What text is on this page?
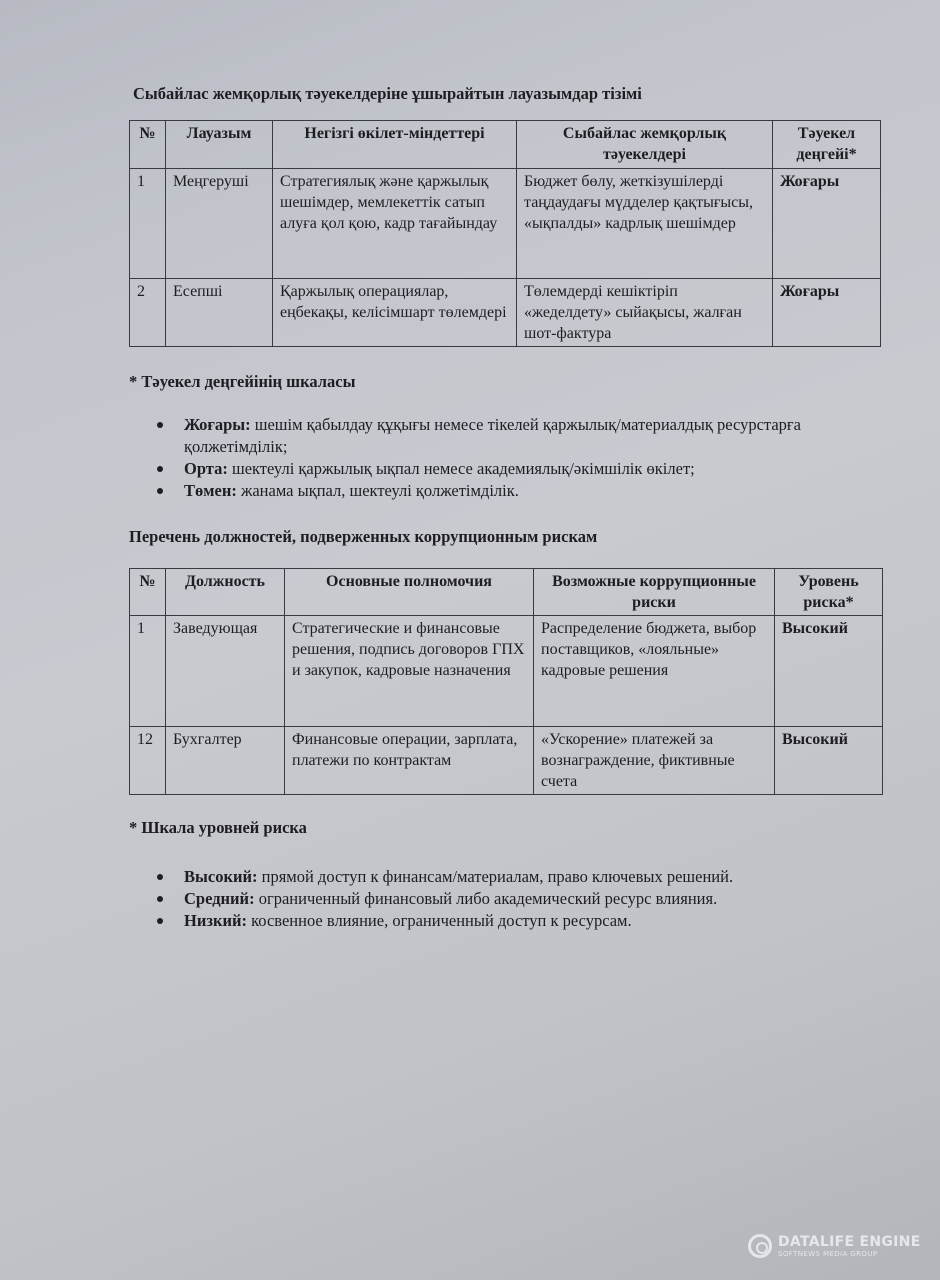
Сыбайлас жемқорлық тәуекелдеріне ұшырайтын лауазымдар тізімі
№	Лауазым	Негізгі өкілет-міндеттері	Сыбайлас жемқорлық тәуекелдері	Тәуекел деңгейі*
1	Меңгеруші	Стратегиялық және қаржылық шешімдер, мемлекеттік сатып алуға қол қою, кадр тағайындау	Бюджет бөлу, жеткізушілерді таңдаудағы мүдделер қақтығысы, «ықпалды» кадрлық шешімдер	Жоғары
2	Есепші	Қаржылық операциялар, еңбекақы, келісімшарт төлемдері	Төлемдерді кешіктіріп «жеделдету» сыйақысы, жалған шот-фактура	Жоғары
* Тәуекел деңгейінің шкаласы
Жоғары: шешім қабылдау құқығы немесе тікелей қаржылық/материалдық ресурстарға қолжетімділік;
Орта: шектеулі қаржылық ықпал немесе академиялық/әкімшілік өкілет;
Төмен: жанама ықпал, шектеулі қолжетімділік.
Перечень должностей, подверженных коррупционным рискам
№	Должность	Основные полномочия	Возможные коррупционные риски	Уровень риска*
1	Заведующая	Стратегические и финансовые решения, подпись договоров ГПХ и закупок, кадровые назначения	Распределение бюджета, выбор поставщиков, «лояльные» кадровые решения	Высокий
12	Бухгалтер	Финансовые операции, зарплата, платежи по контрактам	«Ускорение» платежей за вознаграждение, фиктивные счета	Высокий
* Шкала уровней риска
Высокий: прямой доступ к финансам/материалам, право ключевых решений.
Средний: ограниченный финансовый либо академический ресурс влияния.
Низкий: косвенное влияние, ограниченный доступ к ресурсам.
DATALIFE ENGINE
SOFTNEWS MEDIA GROUP
